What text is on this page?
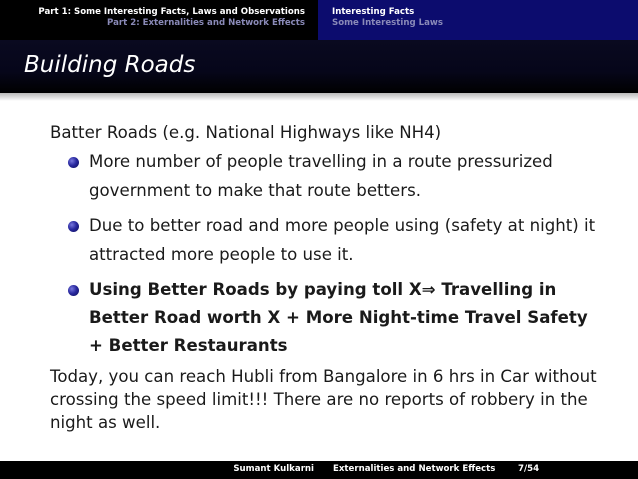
Part 1: Some Interesting Facts, Laws and Observations
Part 2: Externalities and Network Effects
Interesting Facts
Some Interesting Laws
Building Roads
Batter Roads (e.g. National Highways like NH4)
More number of people travelling in a route pressurized
government to make that route betters.
Due to better road and more people using (safety at night) it
attracted more people to use it.
Using Better Roads by paying toll X⇒ Travelling in
Better Road worth X + More Night-time Travel Safety
+ Better Restaurants
Today, you can reach Hubli from Bangalore in 6 hrs in Car without
crossing the speed limit!!! There are no reports of robbery in the
night as well.
Sumant Kulkarni Externalities and Network Effects	7/54
